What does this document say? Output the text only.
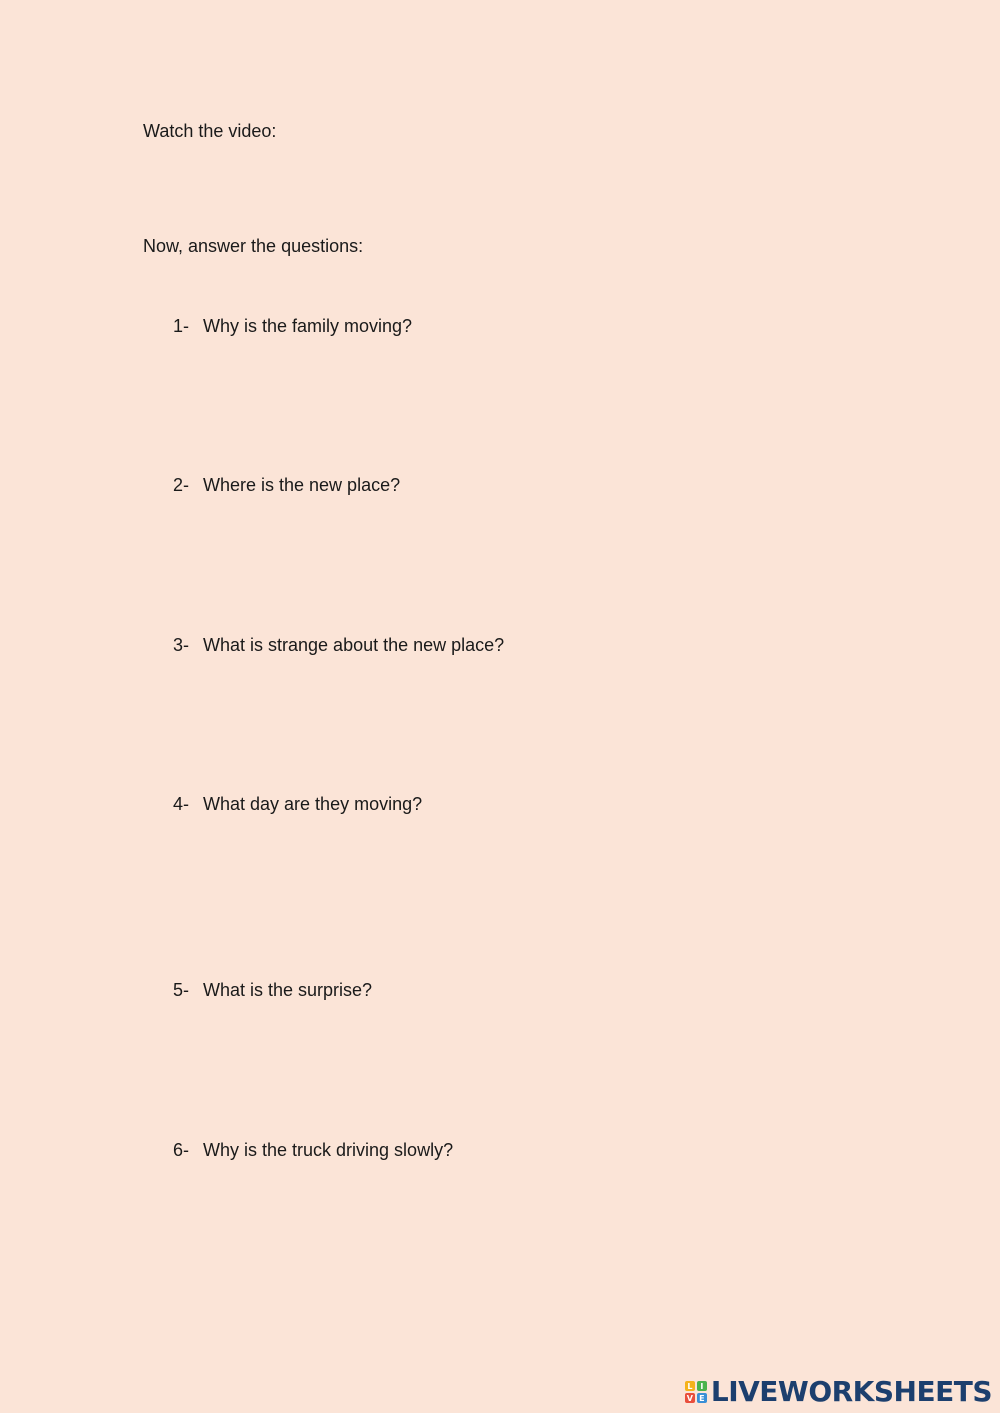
Watch the video:
Now, answer the questions:
1- Why is the family moving?
2- Where is the new place?
3- What is strange about the new place?
4- What day are they moving?
5- What is the surprise?
6- Why is the truck driving slowly?
L I
V E LIVEWORKSHEETS
